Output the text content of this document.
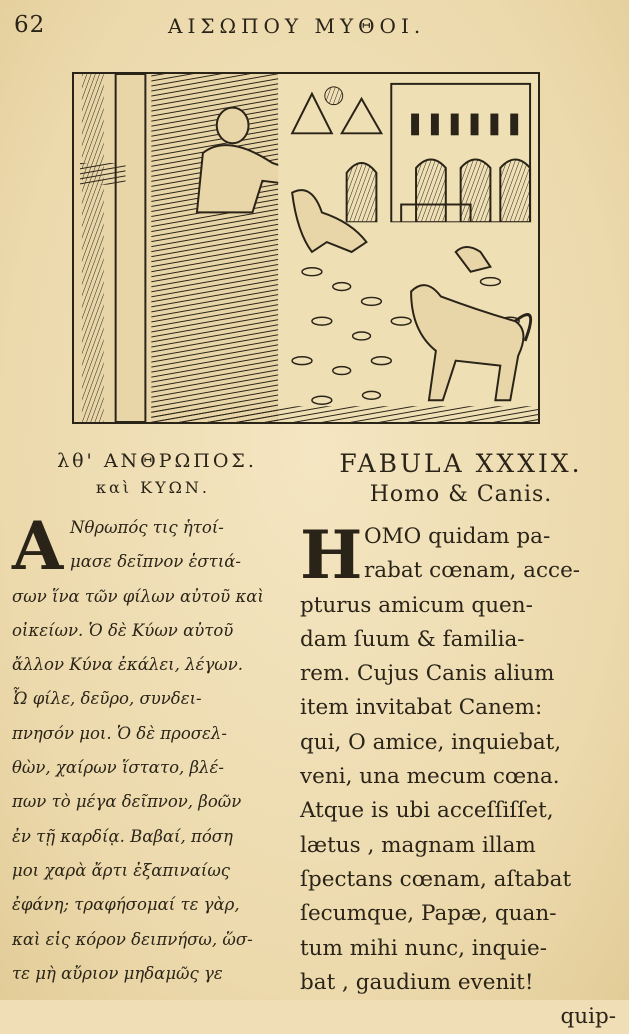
62	ΑΙΣΩΠΟΥ ΜΥΘΟΙ.
λθ' ΑΝΘΡΩΠΟΣ.
καὶ ΚΥΩΝ.
Α Νθρωπός τις ἡτοί-
μασε δεῖπνον ἑστιά-
σων ἵνα τῶν φίλων αὐτοῦ καὶ
οἰκείων. Ὁ δὲ Κύων αὐτοῦ
ἄλλον Κύνα ἐκάλει, λέγων.
Ὦ φίλε, δεῦρο, συνδει-
πνησόν μοι. Ὁ δὲ προσελ-
θὼν, χαίρων ἵστατο, βλέ-
πων τὸ μέγα δεῖπνον, βοῶν
ἐν τῇ καρδίᾳ. Βαβαί, πόση
μοι χαρὰ ἄρτι ἐξαπιναίως
ἐφάνη; τραφήσομαί τε γὰρ,
καὶ εἰς κόρον δειπνήσω, ὥσ-
τε μὴ αὔριον μηδαμῶς γε
FABULA XXXIX.
Homo & Canis.
H OMO quidam pa-
rabat cœnam, acce-
pturus amicum quen-
dam ſuum & familia-
rem. Cujus Canis alium
item invitabat Canem:
qui, O amice, inquiebat,
veni, una mecum cœna.
Atque is ubi acceſſiſſet,
lætus , magnam illam
ſpectans cœnam, aſtabat
ſecumque, Papæ, quan-
tum mihi nunc, inquie-
bat , gaudium evenit!
quip-
